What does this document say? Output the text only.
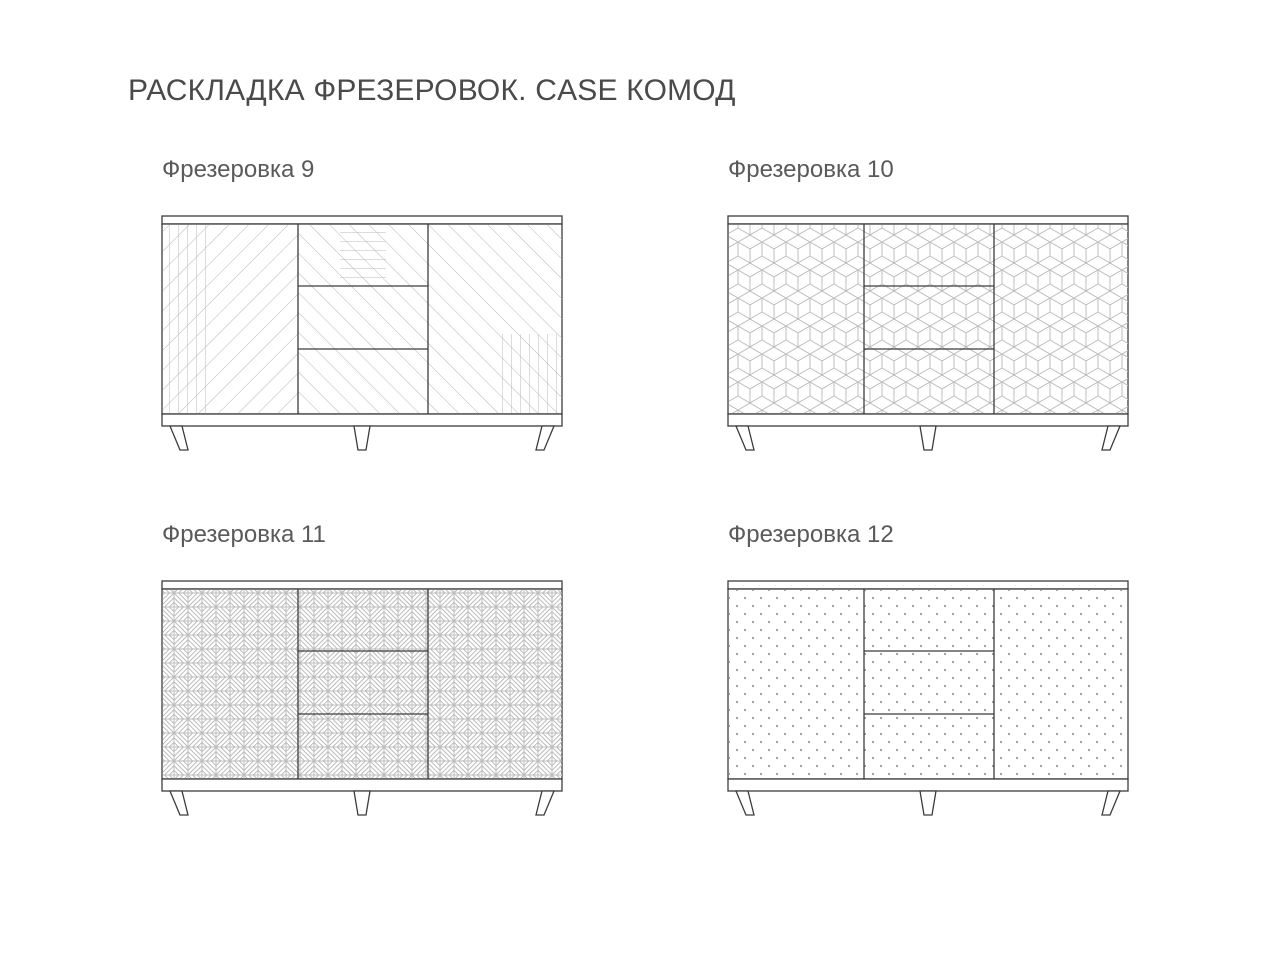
РАСКЛАДКА ФРЕЗЕРОВОК. CASE КОМОД
Фрезеровка 9	Фрезеровка 10
Фрезеровка 11	Фрезеровка 12
